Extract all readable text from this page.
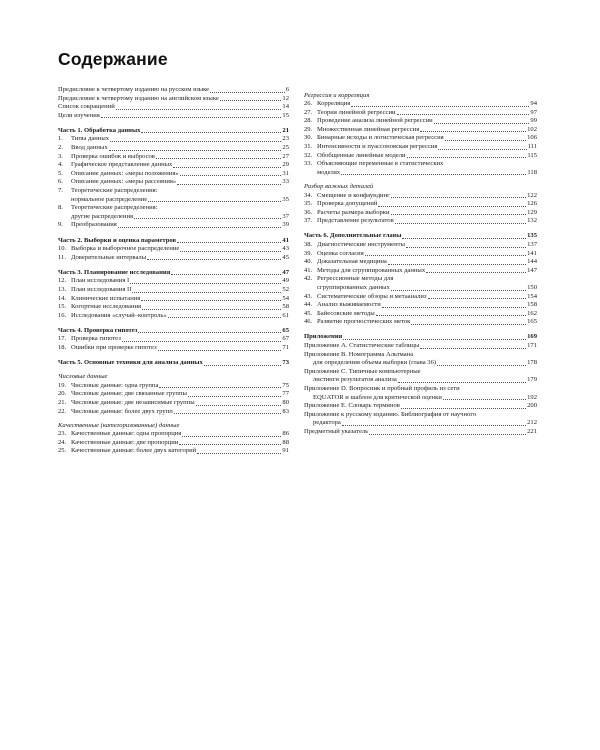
Содержание
Предисловие к четвертому изданию на русском языке	6
Предисловие к четвертому изданию на английском языке	12
Список сокращений	14
Цели изучения	15
Часть 1. Обработка данных	21
1.	Типы данных	23
2.	Ввод данных	25
3.	Проверка ошибок и выбросов	27
4.	Графическое представление данных	29
5.	Описание данных: «меры положения»	31
6.	Описание данных: «меры рассеяния»	33
7.	Теоретические распределения:
нормальное распределение	35
8.	Теоретические распределения:
другие распределения	37
9.	Преобразования	39
Часть 2. Выборки и оценка параметров	41
10. Выборка и выборочное распределение	43
11. Доверительные интервалы	45
Часть 3. Планирование исследования	47
12. План исследования I	49
13. План исследования II	52
14. Клинические испытания	54
15. Когортные исследования	58
16. Исследования «случай–контроль»	61
Часть 4. Проверка гипотез	65
17. Проверка гипотез	67
18. Ошибки при проверке гипотез	71
Часть 5. Основные техники для анализа данных	73
Числовые данные
19. Числовые данные: одна группа	75
20. Числовые данные: две связанные группы	77
21. Числовые данные: две независимые группы	80
22. Числовые данные: более двух групп	83
Качественные (категоризованные) данные
23. Качественные данные: одна пропорция	86
24. Качественные данные: две пропорции	88
25. Качественные данные: более двух категорий	91
Регрессия и корреляция
26. Корреляция	94
27. Теория линейной регрессии	97
28. Проведение анализа линейной регрессии	99
29. Множественная линейная регрессия	102
30. Бинарные исходы и логистическая регрессия	106
31. Интенсивности и пуассоновская регрессия	111
32. Обобщенные линейные модели	115
33. Объясняющие переменные в статистических
моделях	118
Разбор важных деталей
34. Смещение и конфаундинг	122
35. Проверка допущений	126
36. Расчеты размера выборки	129
37. Представление результатов	132
Часть 6. Дополнительные главы	135
38. Диагностические инструменты	137
39. Оценка согласия	141
40. Доказательная медицина	144
41. Методы для сгруппированных данных	147
42. Регрессионные методы для
сгруппированных данных	150
43. Систематические обзоры и метаанализ	154
44. Анализ выживаемости	158
45. Байесовские методы	162
46. Развитие прогностических меток	165
Приложения	169
Приложение A. Статистические таблицы	171
Приложение B. Номограмма Альтмана
для определения объема выборки (глава 36)	178
Приложение C. Типичные компьютерные
листинги результатов анализа	179
Приложение D. Вопросник и пробный профиль из сети
EQUATOR и шаблон для критической оценки	192
Приложение E. Словарь терминов	200
Приложение к русскому изданию. Библиография от научного
редактора	212
Предметный указатель	221
